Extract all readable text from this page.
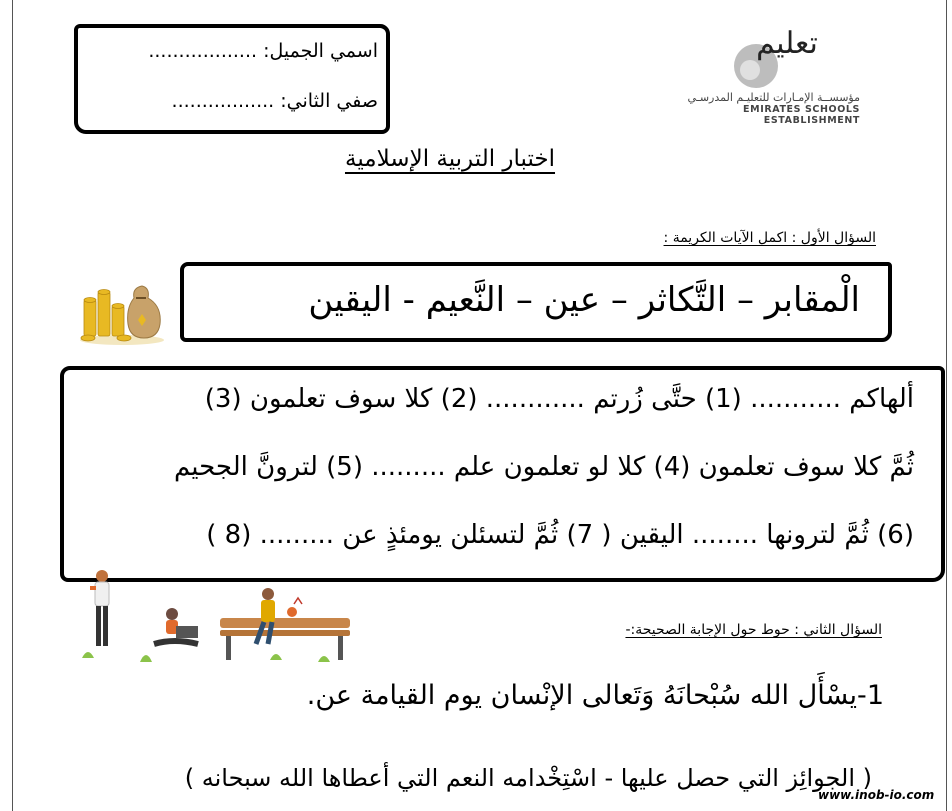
اسمي الجميل: ..................
صفي الثاني: .................
تعليم
مؤسســة الإمـارات للتعليـم المدرسـي
EMIRATES SCHOOLS ESTABLISHMENT
اختبار التربية الإسلامية
السؤال الأول : اكمل الآيات الكريمة :
الْمقابر – التَّكاثر – عين – النَّعيم - اليقين
ألهاكم ........... (1) حتَّى زُرتم ............ (2) كلا سوف تعلمون (3)
ثُمَّ كلا سوف تعلمون (4) كلا لو تعلمون علم ......... (5) لترونَّ الجحيم
(6) ثُمَّ لترونها ........ اليقين ( 7) ثُمَّ لتسئلن يومئذٍ عن ......... (8 )
السؤال الثاني : حوط حول الإجابة الصحيحة:-
1-يسْأَل الله سُبْحانَهُ وَتَعالى الإنْسان يوم القيامة عن.
( الجوائِز التي حصل عليها - اسْتِخْدامه النعم التي أعطاها الله سبحانه )
www.inob-io.com
